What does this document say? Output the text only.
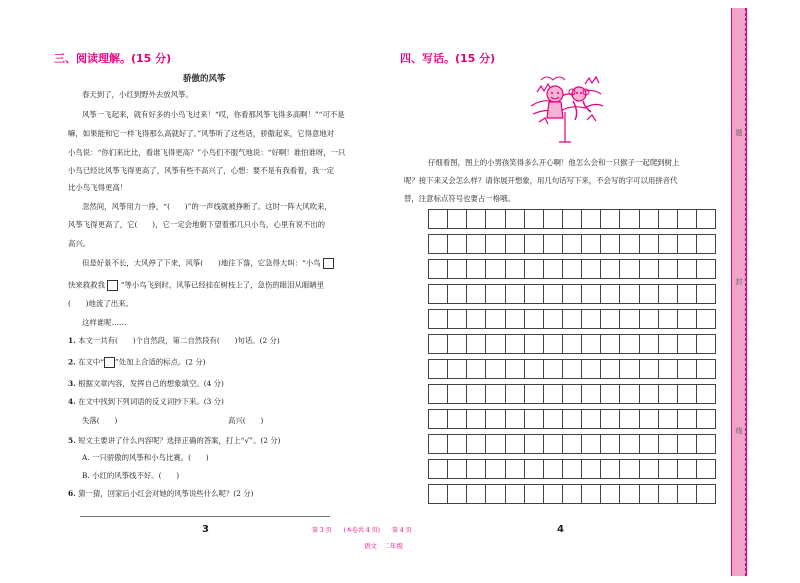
三、阅读理解。(15 分)
骄傲的风筝
春天到了，小红到野外去放风筝。
风筝一飞起来，就有好多的小鸟飞过来！“哎，你看那风筝飞得多高啊！”“可不是
嘛，如果能和它一样飞得那么高就好了。”风筝听了这些话，骄傲起来，它得意地对
小鸟说：“你们来比比，看谁飞得更高？”小鸟们不服气地说：“好啊！谁怕谁呀，一只
小鸟已经比风筝飞得更高了，风筝有些不高兴了，心想：要不是有我看着，我一定
比小鸟飞得更高！
忽然间，风筝用力一挣，“(　　)”的一声线就被挣断了。这时一阵大风吹来，
风筝飞得更高了，它(　　)，它一定会地朝下望着那几只小鸟，心里有说不出的
高兴。
但是好景不长，大风停了下来，风筝(　　)地往下落，它急得大叫：“小鸟
快来救救我 ”等小鸟飞到时，风筝已经挂在树枝上了，急伤的眼泪从眼睛里
(　　)地流了出来。
这样谁呢……
1. 本文一共有(　　)个自然段，第二自然段有(　　)句话。(2 分)
2. 在文中“ ”处加上合适的标点。(2 分)
3. 根据文章内容，发挥自己的想象填空。(4 分)
4. 在文中找到下列词语的反义词抄下来。(3 分)
失落(　　)	高兴(　　)
5. 短文主要讲了什么内容呢？选择正确的答案，打上“√”。(2 分)
A. 一只骄傲的风筝和小鸟比赛。(　　)
B. 小红的风筝线不好。(　　)
6. 猜一猜，回家后小红会对她的风筝说些什么呢？(2 分)
3
四、写话。(15 分)
仔细看图，图上的小男孩笑得多么开心啊！他怎么会和一只猴子一起爬到树上
呢？接下来又会怎么样？请你展开想象，用几句话写下来，不会写的字可以用拼音代
替，注意标点符号也要占一格哦。
4
第 3 页　　(本卷共 4 页)　　第 4 页
语文　二年级
题
封
线
